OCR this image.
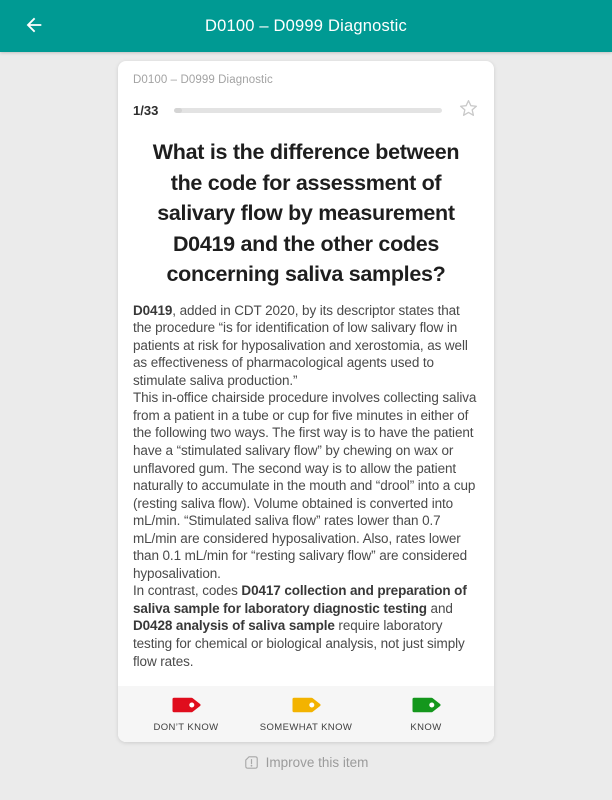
D0100 – D0999 Diagnostic
D0100 – D0999 Diagnostic
1/33
What is the difference between the code for assessment of salivary flow by measurement D0419 and the other codes concerning saliva samples?

D0419, added in CDT 2020, by its descriptor states that the procedure “is for identification of low salivary flow in patients at risk for hyposalivation and xerostomia, as well as effectiveness of pharmacological agents used to stimulate saliva production.”

This in-office chairside procedure involves collecting saliva from a patient in a tube or cup for five minutes in either of the following two ways. The first way is to have the patient have a “stimulated salivary flow” by chewing on wax or unflavored gum. The second way is to allow the patient naturally to accumulate in the mouth and “drool” into a cup (resting saliva flow). Volume obtained is converted into mL/min. “Stimulated saliva flow” rates lower than 0.7 mL/min are considered hyposalivation. Also, rates lower than 0.1 mL/min for “resting salivary flow” are considered hyposalivation.

In contrast, codes D0417 collection and preparation of saliva sample for laboratory diagnostic testing and D0428 analysis of saliva sample require laboratory testing for chemical or biological analysis, not just simply flow rates.

DON’T KNOW	SOMEWHAT KNOW	KNOW
Improve this item
